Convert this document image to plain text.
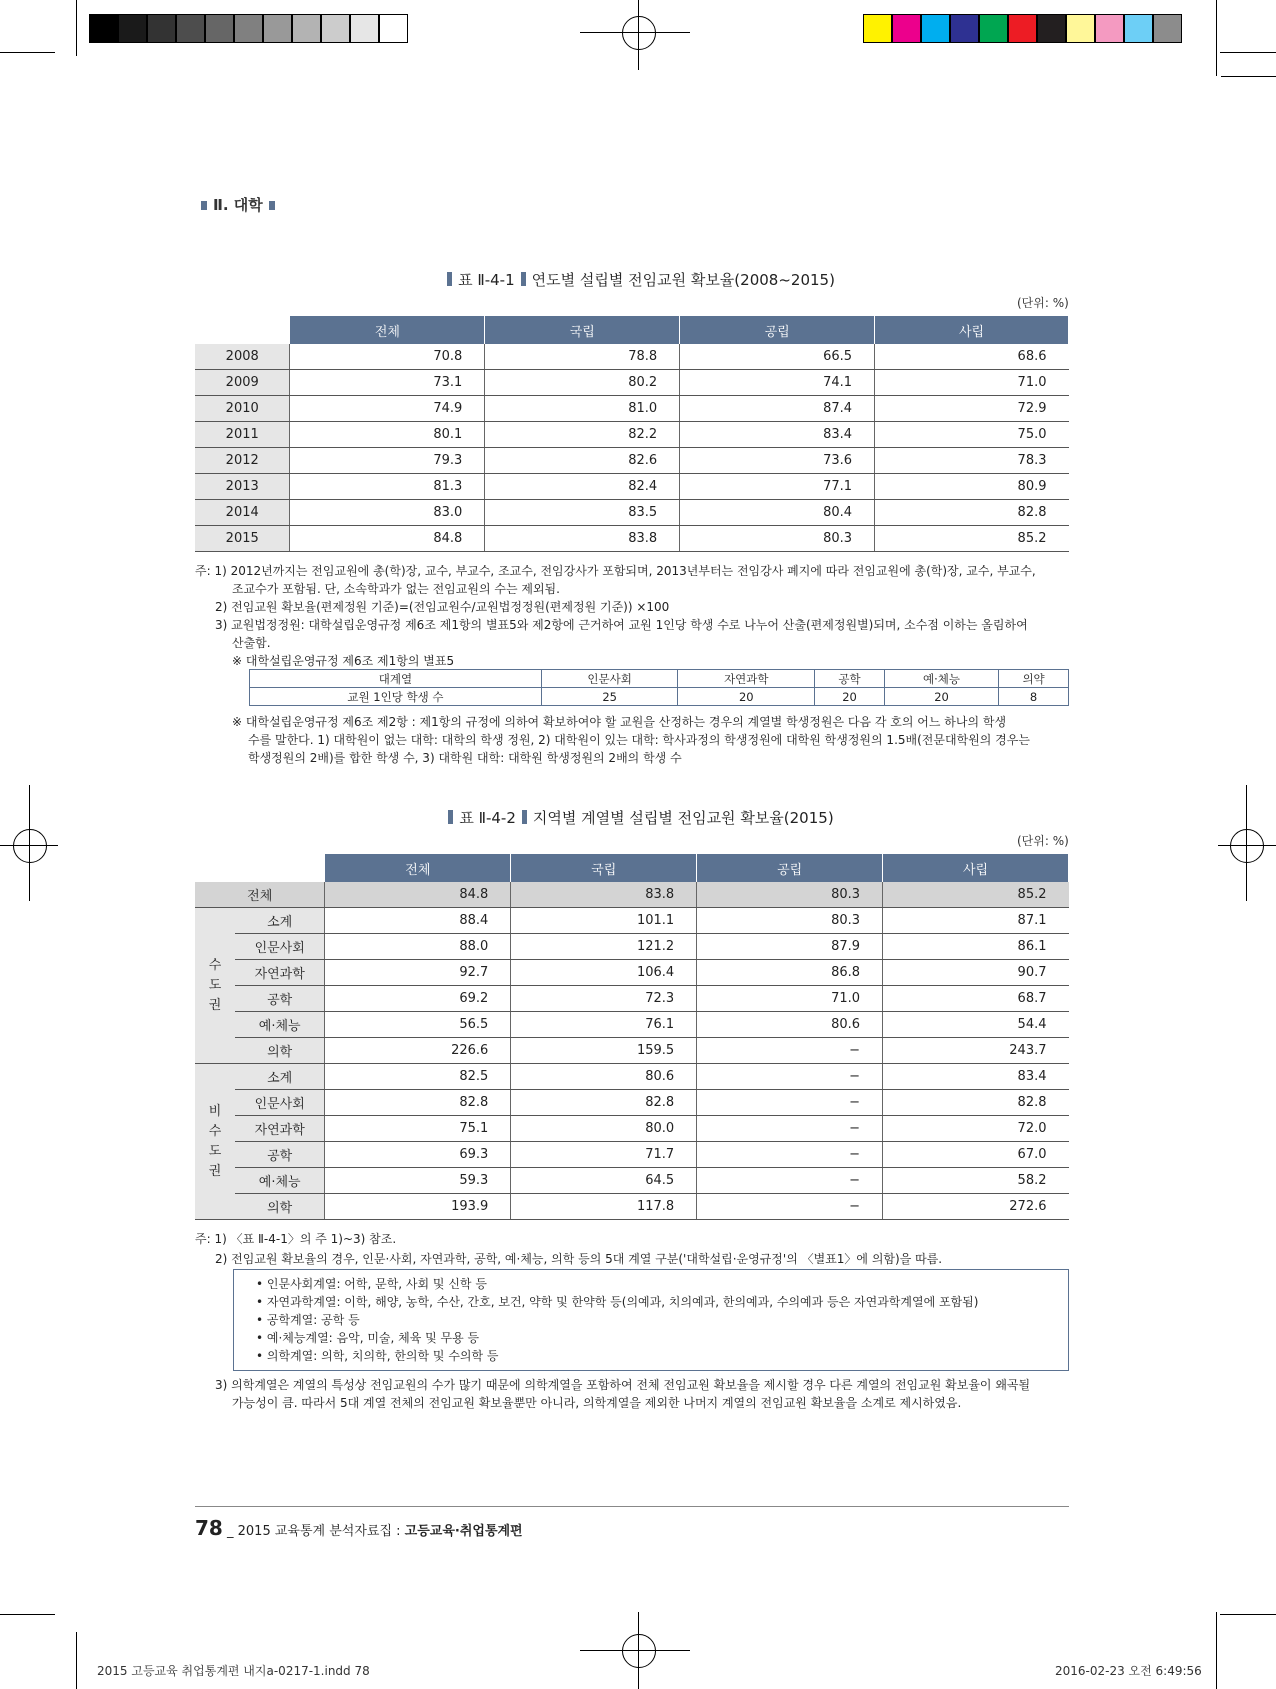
Ⅱ. 대학
표 Ⅱ-4-1 연도별 설립별 전임교원 확보율(2008~2015)
(단위: %)
	전체	국립	공립	사립
2008	70.8	78.8	66.5	68.6
2009	73.1	80.2	74.1	71.0
2010	74.9	81.0	87.4	72.9
2011	80.1	82.2	83.4	75.0
2012	79.3	82.6	73.6	78.3
2013	81.3	82.4	77.1	80.9
2014	83.0	83.5	80.4	82.8
2015	84.8	83.8	80.3	85.2
주: 1) 2012년까지는 전임교원에 총(학)장, 교수, 부교수, 조교수, 전임강사가 포함되며, 2013년부터는 전임강사 폐지에 따라 전임교원에 총(학)장, 교수, 부교수,
조교수가 포함됨. 단, 소속학과가 없는 전임교원의 수는 제외됨.
2) 전임교원 확보율(편제정원 기준)=(전임교원수/교원법정정원(편제정원 기준)) ×100
3) 교원법정정원: 대학설립운영규정 제6조 제1항의 별표5와 제2항에 근거하여 교원 1인당 학생 수로 나누어 산출(편제정원별)되며, 소수점 이하는 올림하여
산출함.
※ 대학설립운영규정 제6조 제1항의 별표5
대계열	인문사회	자연과학	공학	예·체능	의약
교원 1인당 학생 수	25	20	20	20	8
※ 대학설립운영규정 제6조 제2항 : 제1항의 규정에 의하여 확보하여야 할 교원을 산정하는 경우의 계열별 학생정원은 다음 각 호의 어느 하나의 학생
수를 말한다. 1) 대학원이 없는 대학: 대학의 학생 정원, 2) 대학원이 있는 대학: 학사과정의 학생정원에 대학원 학생정원의 1.5배(전문대학원의 경우는
학생정원의 2배)를 합한 학생 수, 3) 대학원 대학: 대학원 학생정원의 2배의 학생 수
표 Ⅱ-4-2 지역별 계열별 설립별 전임교원 확보율(2015)
(단위: %)
		전체	국립	공립	사립
전체		84.8	83.8	80.3	85.2
수
도
권	소계	88.4	101.1	80.3	87.1
	인문사회	88.0	121.2	87.9	86.1
	자연과학	92.7	106.4	86.8	90.7
	공학	69.2	72.3	71.0	68.7
	예·체능	56.5	76.1	80.6	54.4
	의학	226.6	159.5	−	243.7
비
수
도
권	소계	82.5	80.6	−	83.4
	인문사회	82.8	82.8	−	82.8
	자연과학	75.1	80.0	−	72.0
	공학	69.3	71.7	−	67.0
	예·체능	59.3	64.5	−	58.2
	의학	193.9	117.8	−	272.6
주: 1) 〈표 Ⅱ-4-1〉의 주 1)~3) 참조.
2) 전임교원 확보율의 경우, 인문·사회, 자연과학, 공학, 예·체능, 의학 등의 5대 계열 구분('대학설립·운영규정'의 〈별표1〉에 의함)을 따름.
• 인문사회계열: 어학, 문학, 사회 및 신학 등
• 자연과학계열: 이학, 해양, 농학, 수산, 간호, 보건, 약학 및 한약학 등(의예과, 치의예과, 한의예과, 수의예과 등은 자연과학계열에 포함됨)
• 공학계열: 공학 등
• 예·체능계열: 음악, 미술, 체육 및 무용 등
• 의학계열: 의학, 치의학, 한의학 및 수의학 등
3) 의학계열은 계열의 특성상 전임교원의 수가 많기 때문에 의학계열을 포함하여 전체 전임교원 확보율을 제시할 경우 다른 계열의 전임교원 확보율이 왜곡될
가능성이 큼. 따라서 5대 계열 전체의 전임교원 확보율뿐만 아니라, 의학계열을 제외한 나머지 계열의 전임교원 확보율을 소계로 제시하였음.
78 _ 2015 교육통계 분석자료집 : 고등교육·취업통계편
2015 고등교육 취업통계편 내지a-0217-1.indd 78	2016-02-23 오전 6:49:56
